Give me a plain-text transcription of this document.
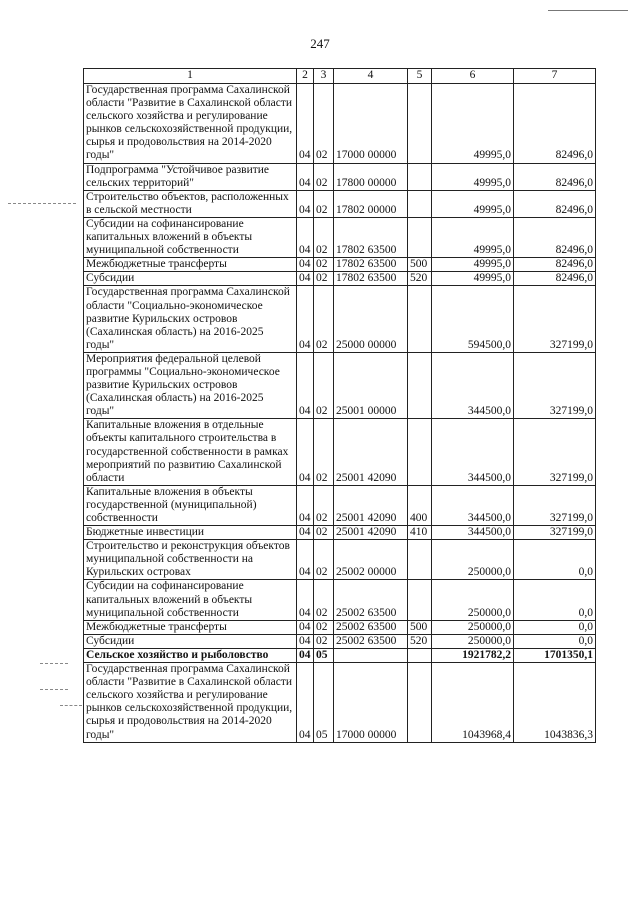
247
1	2	3	4	5	6	7
Государственная программа Сахалинской области "Развитие в Сахалинской области сельского хозяйства и регулирование рынков сельскохозяйственной продукции, сырья и продовольствия на 2014-2020 годы"	04	02	17000 00000		49995,0	82496,0
Подпрограмма "Устойчивое развитие сельских территорий"	04	02	17800 00000		49995,0	82496,0
Строительство объектов, расположенных в сельской местности	04	02	17802 00000		49995,0	82496,0
Субсидии на софинансирование капитальных вложений в объекты муниципальной собственности	04	02	17802 63500		49995,0	82496,0
Межбюджетные трансферты	04	02	17802 63500	500	49995,0	82496,0
Субсидии	04	02	17802 63500	520	49995,0	82496,0
Государственная программа Сахалинской области "Социально-экономическое развитие Курильских островов (Сахалинская область) на 2016-2025 годы"	04	02	25000 00000		594500,0	327199,0
Мероприятия федеральной целевой программы "Социально-экономическое развитие Курильских островов (Сахалинская область) на 2016-2025 годы"	04	02	25001 00000		344500,0	327199,0
Капитальные вложения в отдельные объекты капитального строительства в государственной собственности в рамках мероприятий по развитию Сахалинской области	04	02	25001 42090		344500,0	327199,0
Капитальные вложения в объекты государственной (муниципальной) собственности	04	02	25001 42090	400	344500,0	327199,0
Бюджетные инвестиции	04	02	25001 42090	410	344500,0	327199,0
Строительство и реконструкция объектов муниципальной собственности на Курильских островах	04	02	25002 00000		250000,0	0,0
Субсидии на софинансирование капитальных вложений в объекты муниципальной собственности	04	02	25002 63500		250000,0	0,0
Межбюджетные трансферты	04	02	25002 63500	500	250000,0	0,0
Субсидии	04	02	25002 63500	520	250000,0	0,0
Сельское хозяйство и рыболовство	04	05			1921782,2	1701350,1
Государственная программа Сахалинской области "Развитие в Сахалинской области сельского хозяйства и регулирование рынков сельскохозяйственной продукции, сырья и продовольствия на 2014-2020 годы"	04	05	17000 00000		1043968,4	1043836,3
